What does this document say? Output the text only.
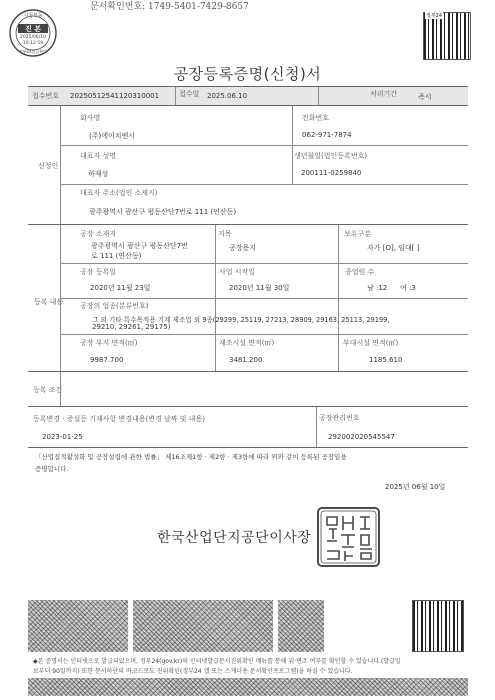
문서확인번호: 1749-5401-7429-8657
시청부동
진 본
2025/06/10
10:12:59
정부24발급확인
정부24
공장등록증명(신청)서
접수번호 20250512541120310001	접수일 2025.06.10	처리기간	즉시
신청인
회사명
(주)에이치엔시
전화번호
062-971-7874
대표자 성명
하재성
생년월일(법인등록번호)
200111-0259840
대표자 주소(법인 소재지)
광주광역시 광산구 평동산단7번로 111 (연산동)
등록 내용
공장 소재지
광주광역시 광산구 평동산단7번
로 111 (연산동)
지목
공장용지
보유구분
자가 [O], 임대[ ]
공장 등록일
2020년 11월 23일
사업 시작일
2020년 11월 30일
종업원 수
남 :12 여 :3
공장의 업종(분류번호)
그 외 기타 특수목적용 기계 제조업 외 9종(29299, 25119, 27213, 28909, 29163, 25113, 29199,
29210, 29261, 29175)
공장 부지 면적(㎡)
9987.700
제조시설 면적(㎡)
3481.200
부대시설 면적(㎡)
1185.610
등록 조건
등록변경 · 증설등 기재사항 변경내용(변경 날짜 및 내용)
2023-01-25
공장관리번호
292002020545547
「산업집적활성화 및 공장설립에 관한 법률」 제16조제1항 · 제2항 · 제3항에 따라 위와 같이 등록된 공장임을
증명합니다.
2025년 06월 10일
한국산업단지공단이사장
◆본 증명서는 인터넷으로 발급되었으며, 정부24(gov.kr)의 인터넷발급문서진위확인 메뉴를 통해 위·변조 여부를 확인할 수 있습니다.(발급일
로부터 90일까지) 또한 문서하단의 바코드로도 진위확인(정부24 앱 또는 스캐너용 문서확인프로그램)을 하실 수 있습니다.
